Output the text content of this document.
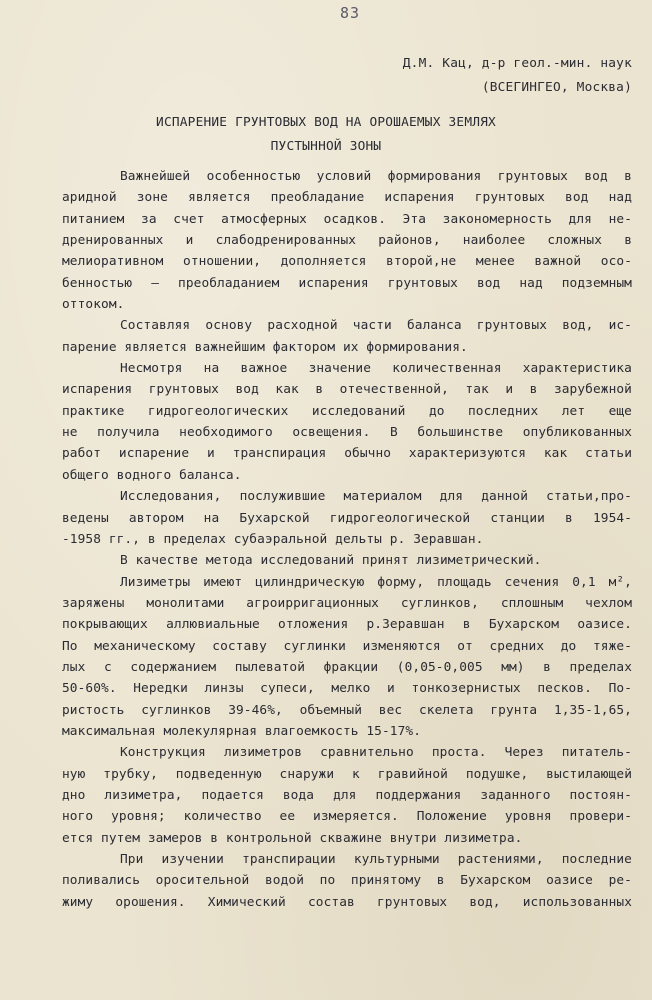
83
Д.М. Кац, д-р геол.-мин. наук
(ВСЕГИНГЕО, Москва)
ИСПАРЕНИЕ ГРУНТОВЫХ ВОД НА ОРОШАЕМЫХ ЗЕМЛЯХ
ПУСТЫННОЙ ЗОНЫ
Важнейшей особенностью условий формирования грунтовых вод в
аридной зоне является преобладание испарения грунтовых вод над
питанием за счет атмосферных осадков. Эта закономерность для не-
дренированных и слабодренированных районов, наиболее сложных в
мелиоративном отношении, дополняется второй,не менее важной осо-
бенностью – преобладанием испарения грунтовых вод над подземным
оттоком.
Составляя основу расходной части баланса грунтовых вод, ис-
парение является важнейшим фактором их формирования.
Несмотря на важное значение количественная характеристика
испарения грунтовых вод как в отечественной, так и в зарубежной
практике гидрогеологических исследований до последних лет еще
не получила необходимого освещения. В большинстве опубликованных
работ испарение и транспирация обычно характеризуются как статьи
общего водного баланса.
Исследования, послужившие материалом для данной статьи,про-
ведены автором на Бухарской гидрогеологической станции в 1954-
-1958 гг., в пределах субаэральной дельты р. Зеравшан.
В качестве метода исследований принят лизиметрический.
Лизиметры имеют цилиндрическую форму, площадь сечения 0,1 м²,
заряжены монолитами агроирригационных суглинков, сплошным чехлом
покрывающих аллювиальные отложения р.Зеравшан в Бухарском оазисе.
По механическому составу суглинки изменяются от средних до тяже-
лых с содержанием пылеватой фракции (0,05-0,005 мм) в пределах
50-60%. Нередки линзы супеси, мелко и тонкозернистых песков. По-
ристость суглинков 39-46%, объемный вес скелета грунта 1,35-1,65,
максимальная молекулярная влагоемкость 15-17%.
Конструкция лизиметров сравнительно проста. Через питатель-
ную трубку, подведенную снаружи к гравийной подушке, выстилающей
дно лизиметра, подается вода для поддержания заданного постоян-
ного уровня; количество ее измеряется. Положение уровня провери-
ется путем замеров в контрольной скважине внутри лизиметра.
При изучении транспирации культурными растениями, последние
поливались оросительной водой по принятому в Бухарском оазисе ре-
жиму орошения. Химический состав грунтовых вод, использованных
